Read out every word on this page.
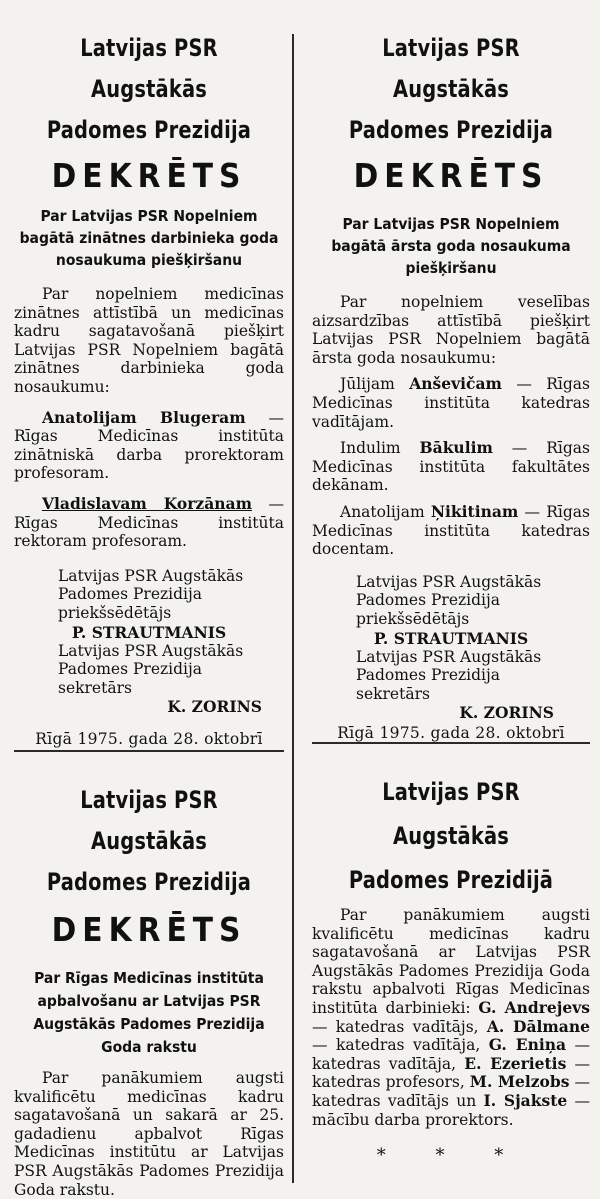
Latvijas PSR Augstākās
Padomes Prezidija
DEKRĒTS
Par Latvijas PSR Nopelniem bagātā zinātnes darbinieka goda nosaukuma piešķiršanu

Par nopelniem medicīnas zinātnes attīstībā un medicīnas kadru sagatavošanā piešķirt Latvijas PSR Nopelniem bagātā zinātnes darbinieka goda nosaukumu:

Anatolijam Blugeram — Rīgas Medicīnas institūta zinātniskā darba prorektoram profesoram.

Vladislavam Korzānam — Rīgas Medicīnas institūta rektoram profesoram.

Latvijas PSR Augstākās Padomes Prezidija priekšsēdētājs
P. STRAUTMANIS
Latvijas PSR Augstākās Padomes Prezidija sekretārs
K. ZORINS
Rīgā 1975. gada 28. oktobrī
Latvijas PSR Augstākās
Padomes Prezidija
DEKRĒTS
Par Latvijas PSR Nopelniem bagātā ārsta goda nosaukuma piešķiršanu

Par nopelniem veselības aizsardzības attīstībā piešķirt Latvijas PSR Nopelniem bagātā ārsta goda nosaukumu:

Jūlijam Anševičam — Rīgas Medicīnas institūta katedras vadītājam.

Indulim Bākulim — Rīgas Medicīnas institūta fakultātes dekānam.

Anatolijam Ņikitinam — Rīgas Medicīnas institūta katedras docentam.

Latvijas PSR Augstākās Padomes Prezidija priekšsēdētājs
P. STRAUTMANIS
Latvijas PSR Augstākās Padomes Prezidija sekretārs
K. ZORINS
Rīgā 1975. gada 28. oktobrī
Latvijas PSR Augstākās
Padomes Prezidija
DEKRĒTS
Par Rīgas Medicīnas institūta apbalvošanu ar Latvijas PSR Augstākās Padomes Prezidija Goda rakstu

Par panākumiem augsti kvalificētu medicīnas kadru sagatavošanā un sakarā ar 25. gadadienu apbalvot Rīgas Medicīnas institūtu ar Latvijas PSR Augstākās Padomes Prezidija Goda rakstu.

Latvijas PSR Augstākās
Padomes Prezidijā

Par panākumiem augsti kvalificētu medicīnas kadru sagatavošanā ar Latvijas PSR Augstākās Padomes Prezidija Goda rakstu apbalvoti Rīgas Medicīnas institūta darbinieki: G. Andrejevs — katedras vadītājs, A. Dālmane — katedras vadītāja, G. Eniņa — katedras vadītāja, E. Ezerietis — katedras profesors, M. Melzobs — katedras vadītājs un I. Sjakste — mācību darba prorektors.

* * *
